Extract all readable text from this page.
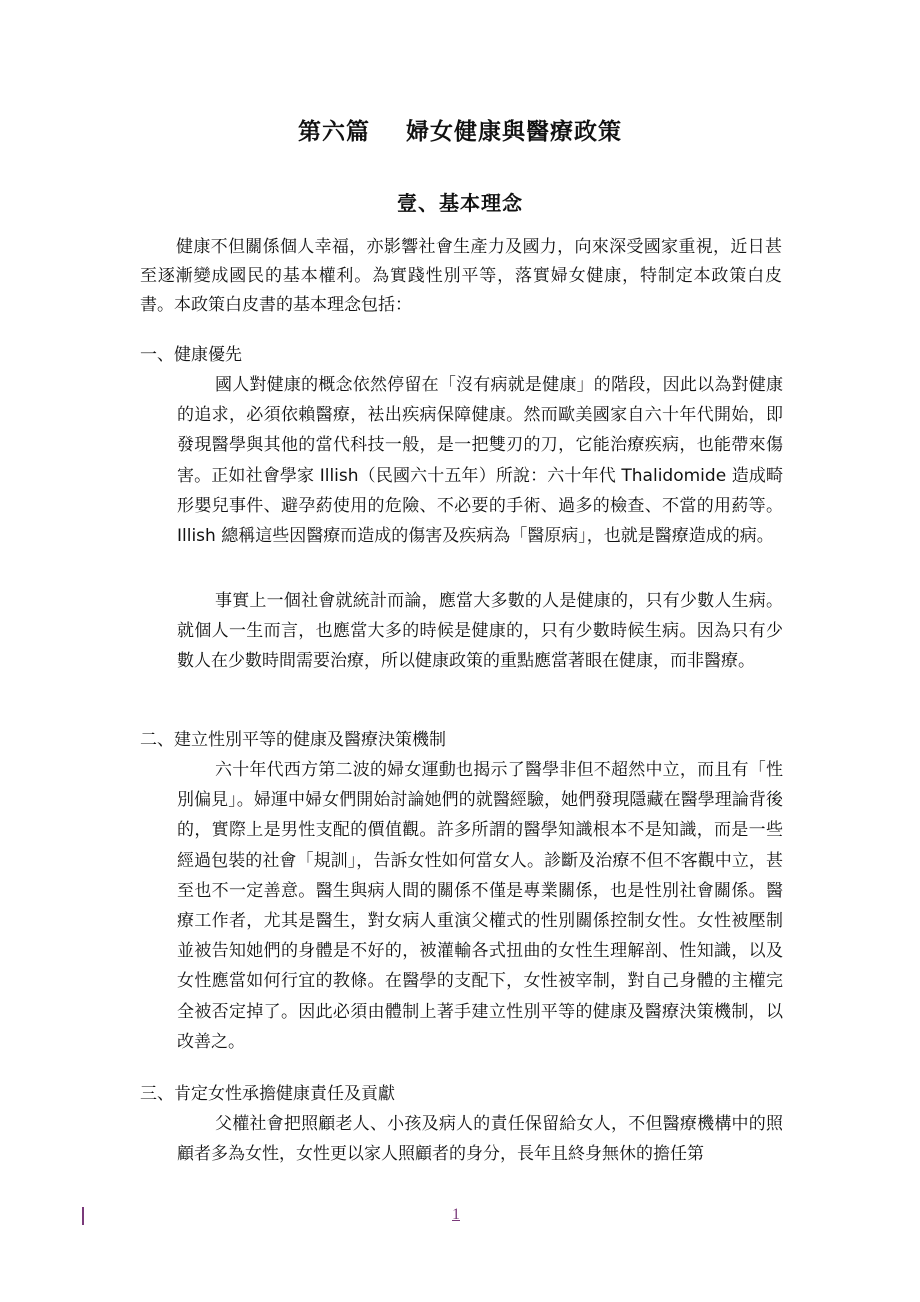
第六篇 婦女健康與醫療政策
壹、基本理念

健康不但關係個人幸福，亦影響社會生產力及國力，向來深受國家重視，近日甚至逐漸變成國民的基本權利。為實踐性別平等，落實婦女健康，特制定本政策白皮書。本政策白皮書的基本理念包括：

一、健康優先

國人對健康的概念依然停留在「沒有病就是健康」的階段，因此以為對健康的追求，必須依賴醫療，袪出疾病保障健康。然而歐美國家自六十年代開始，即發現醫學與其他的當代科技一般，是一把雙刃的刀，它能治療疾病，也能帶來傷害。正如社會學家 Illish（民國六十五年）所說：六十年代 Thalidomide 造成畸形嬰兒事件、避孕葯使用的危險、不必要的手術、過多的檢查、不當的用葯等。Illish 總稱這些因醫療而造成的傷害及疾病為「醫原病」，也就是醫療造成的病。

事實上一個社會就統計而論，應當大多數的人是健康的，只有少數人生病。就個人一生而言，也應當大多的時候是健康的，只有少數時候生病。因為只有少數人在少數時間需要治療，所以健康政策的重點應當著眼在健康，而非醫療。

二、建立性別平等的健康及醫療決策機制

六十年代西方第二波的婦女運動也揭示了醫學非但不超然中立，而且有「性別偏見」。婦運中婦女們開始討論她們的就醫經驗，她們發現隱藏在醫學理論背後的，實際上是男性支配的價值觀。許多所謂的醫學知識根本不是知識，而是一些經過包裝的社會「規訓」，告訴女性如何當女人。診斷及治療不但不客觀中立，甚至也不一定善意。醫生與病人間的關係不僅是專業關係，也是性別社會關係。醫療工作者，尤其是醫生，對女病人重演父權式的性別關係控制女性。女性被壓制並被告知她們的身體是不好的，被灌輸各式扭曲的女性生理解剖、性知識，以及女性應當如何行宜的教條。在醫學的支配下，女性被宰制，對自己身體的主權完全被否定掉了。因此必須由體制上著手建立性別平等的健康及醫療決策機制，以改善之。

三、肯定女性承擔健康責任及貢獻

父權社會把照顧老人、小孩及病人的責任保留給女人，不但醫療機構中的照顧者多為女性，女性更以家人照顧者的身分，長年且終身無休的擔任第

1
